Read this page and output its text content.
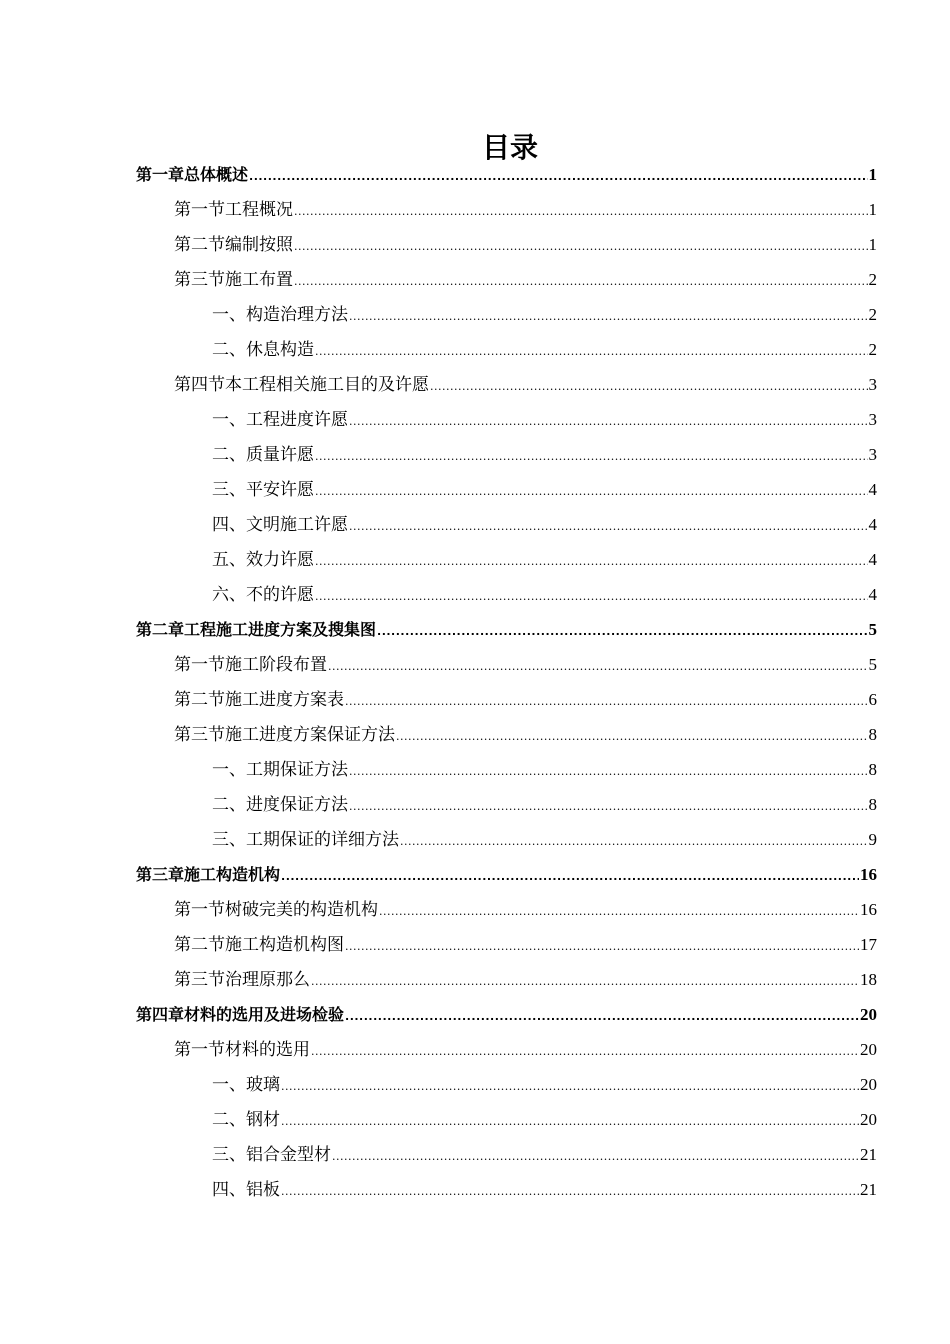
目录
第一章总体概述 .....	1
第一节工程概况 .....	1
第二节编制按照 .....	1
第三节施工布置 .....	2
一、构造治理方法 .....	2
二、休息构造 .....	2
第四节本工程相关施工目的及许愿 .....	3
一、工程进度许愿 .....	3
二、质量许愿 .....	3
三、平安许愿 .....	4
四、文明施工许愿 .....	4
五、效力许愿 .....	4
六、不的许愿 .....	4
第二章工程施工进度方案及搜集图 .....	5
第一节施工阶段布置 .....	5
第二节施工进度方案表 .....	6
第三节施工进度方案保证方法 .....	8
一、工期保证方法 .....	8
二、进度保证方法 .....	8
三、工期保证的详细方法 .....	9
第三章施工构造机构 .....	16
第一节树破完美的构造机构 .....	16
第二节施工构造机构图 .....	17
第三节治理原那么 .....	18
第四章材料的选用及进场检验 .....	20
第一节材料的选用 .....	20
一、玻璃 .....	20
二、钢材 .....	20
三、铝合金型材 .....	21
四、铝板 .....	21
